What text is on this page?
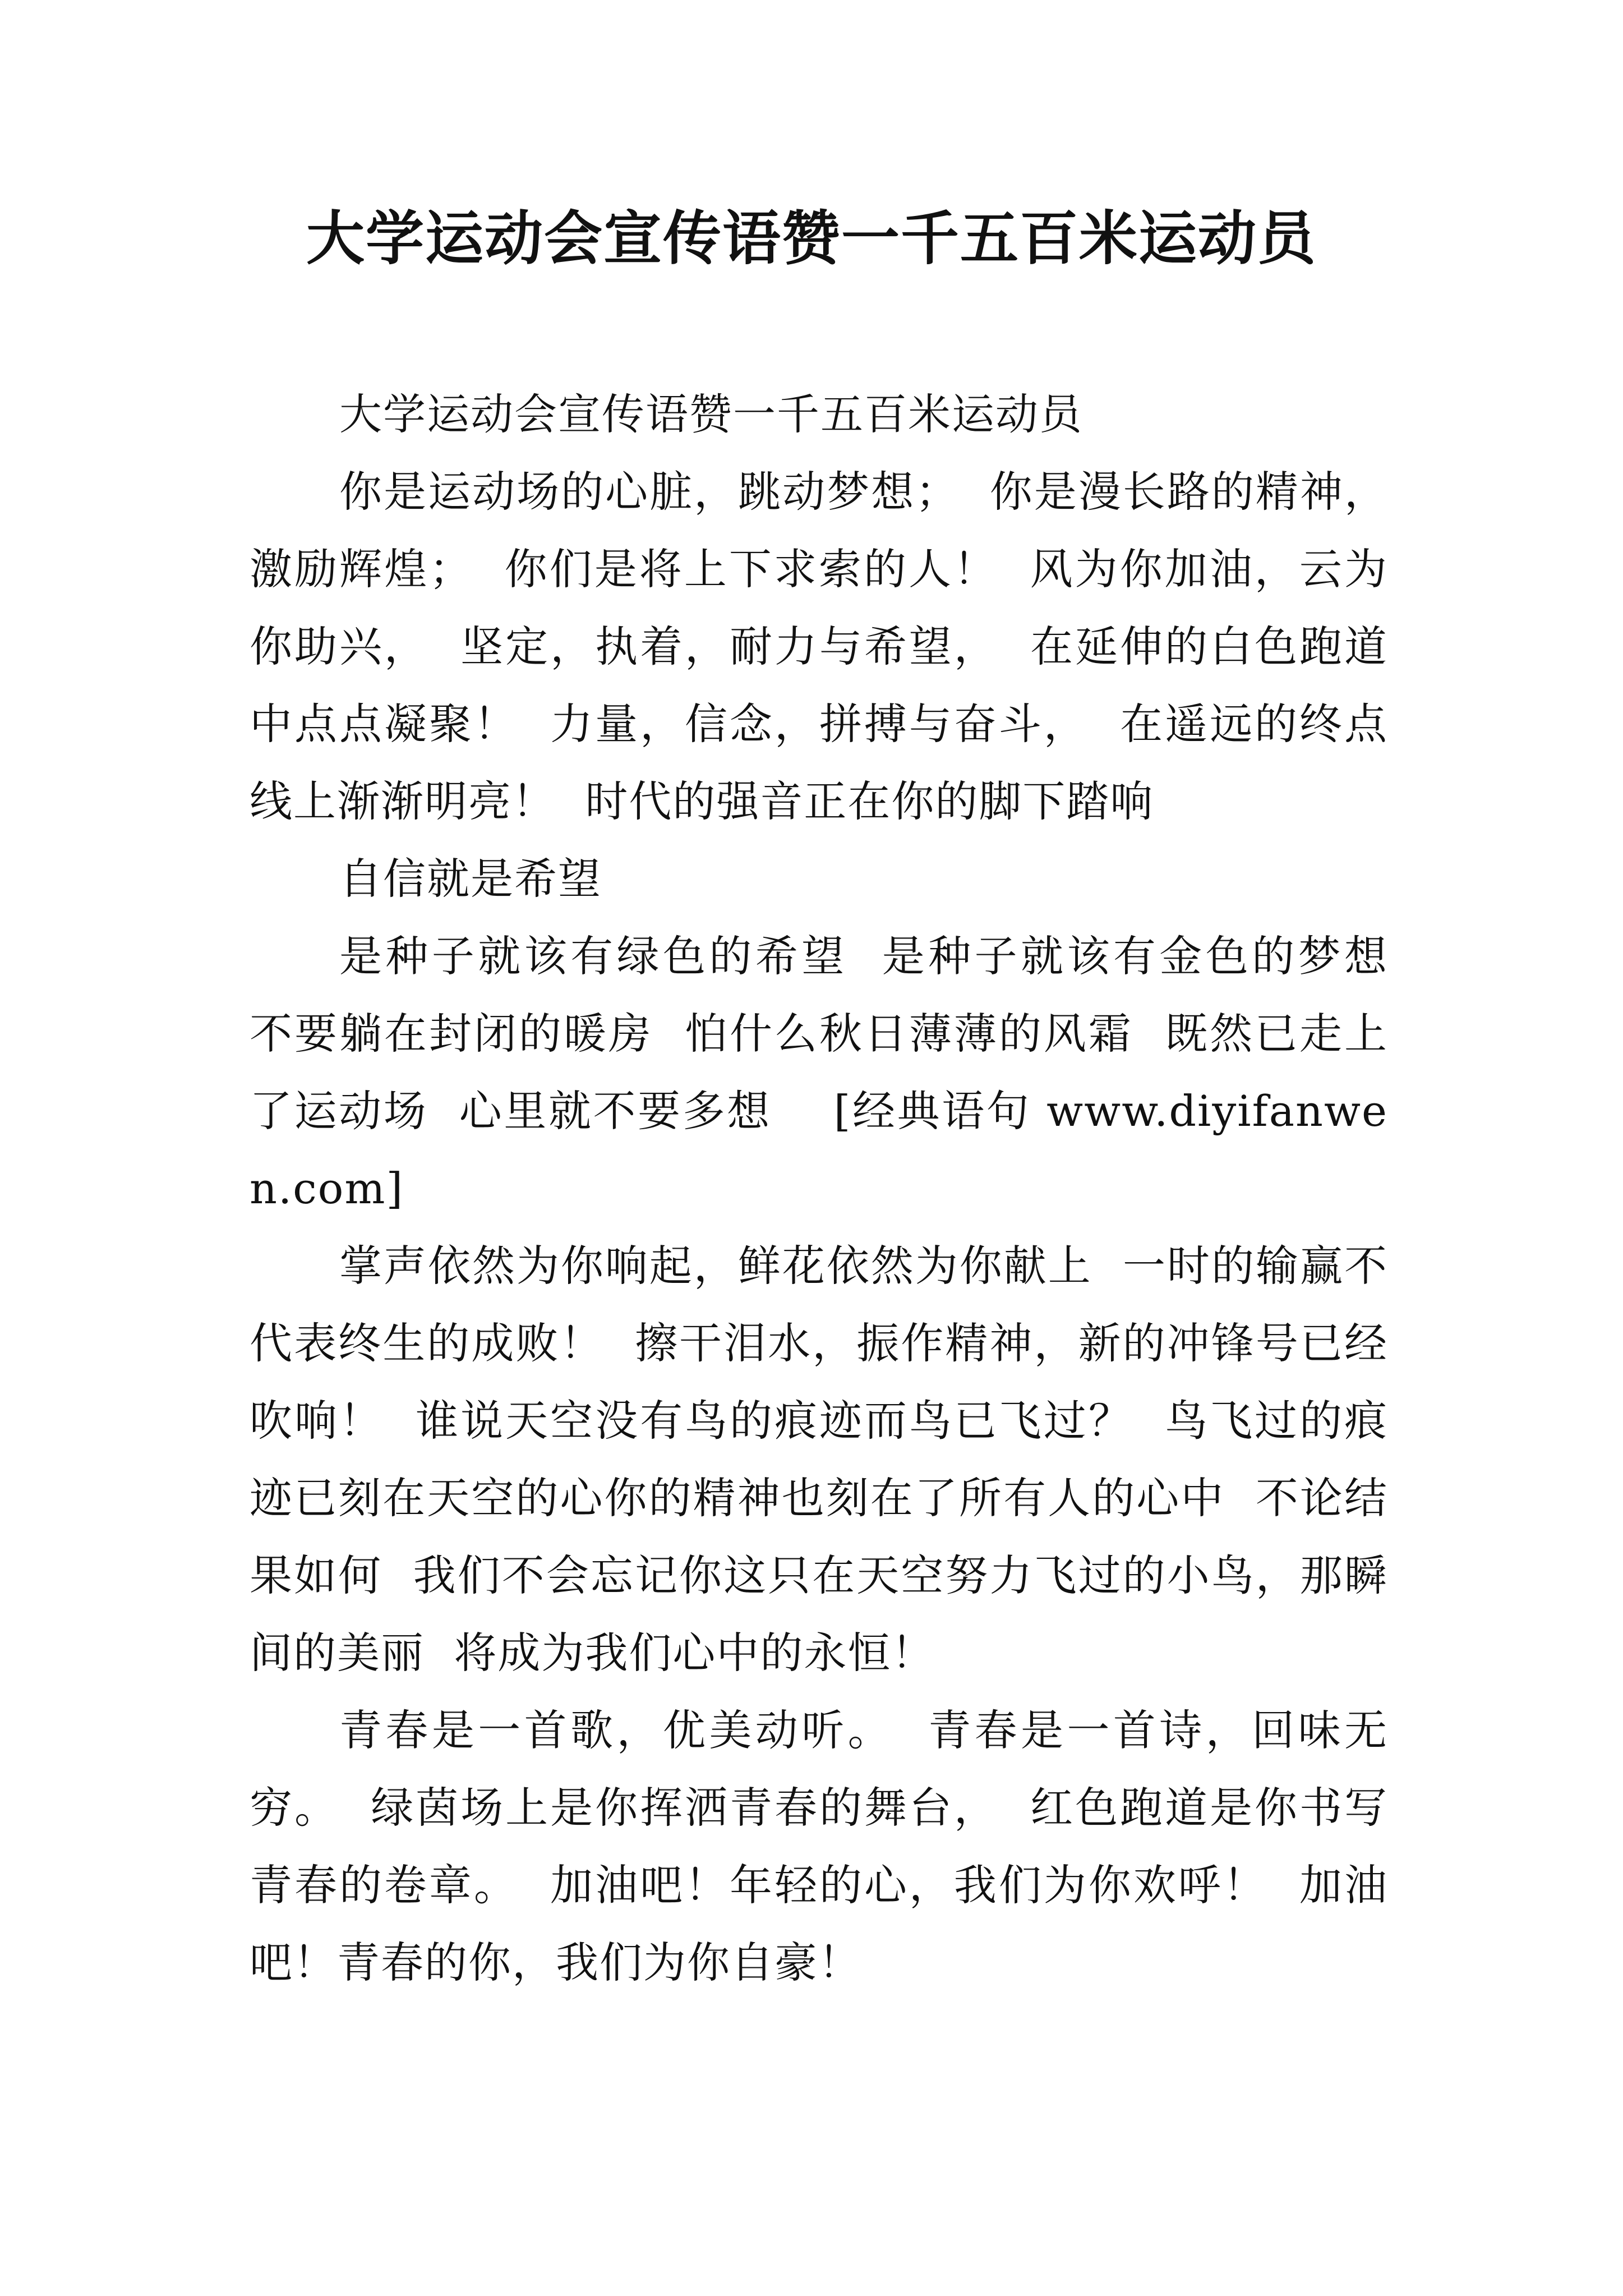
大学运动会宣传语赞一千五百米运动员

大学运动会宣传语赞一千五百米运动员

你是运动场的心脏，跳动梦想；  你是漫长路的精神，激励辉煌；  你们是将上下求索的人！  风为你加油，云为你助兴，  坚定，执着，耐力与希望，  在延伸的白色跑道中点点凝聚！  力量，信念，拼搏与奋斗，  在遥远的终点线上渐渐明亮！  时代的强音正在你的脚下踏响

自信就是希望

是种子就该有绿色的希望  是种子就该有金色的梦想  不要躺在封闭的暖房  怕什么秋日薄薄的风霜  既然已走上了运动场  心里就不要多想    [经典语句 www.diyifanwen.com]

掌声依然为你响起，鲜花依然为你献上  一时的输赢不代表终生的成败！  擦干泪水，振作精神，新的冲锋号已经吹响！  谁说天空没有鸟的痕迹而鸟已飞过？  鸟飞过的痕迹已刻在天空的心你的精神也刻在了所有人的心中  不论结果如何  我们不会忘记你这只在天空努力飞过的小鸟，那瞬间的美丽  将成为我们心中的永恒！

青春是一首歌，优美动听。  青春是一首诗，回味无穷。  绿茵场上是你挥洒青春的舞台，  红色跑道是你书写青春的卷章。  加油吧！年轻的心，我们为你欢呼！  加油吧！青春的你，我们为你自豪！
